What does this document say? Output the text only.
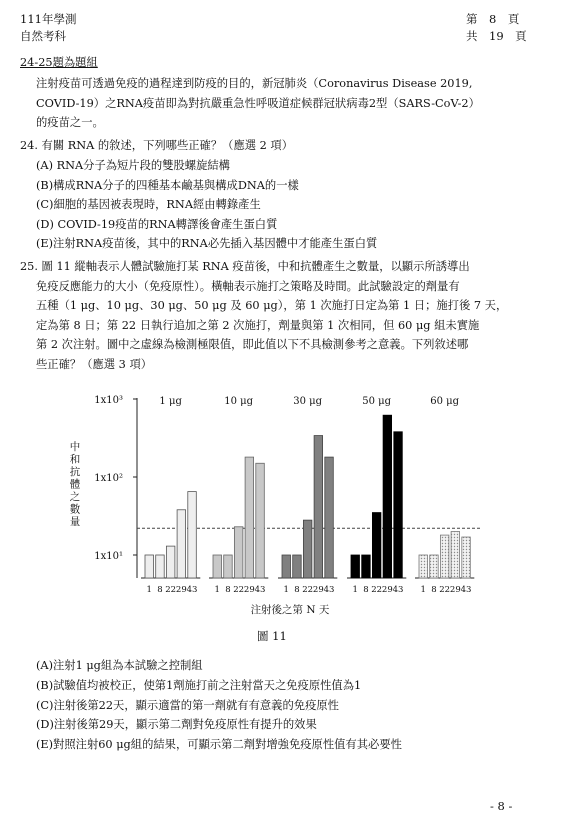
111年學測
自然考科
第　8　頁
共　19　頁
24-25題為題組
注射疫苗可透過免疫的過程達到防疫的目的，新冠肺炎（Coronavirus Disease 2019,
COVID-19）之RNA疫苗即為對抗嚴重急性呼吸道症候群冠狀病毒2型（SARS-CoV-2）
的疫苗之一。
24. 有關 RNA 的敘述，下列哪些正確？（應選 2 項）
(A) RNA分子為短片段的雙股螺旋結構
(B)構成RNA分子的四種基本鹼基與構成DNA的一樣
(C)細胞的基因被表現時，RNA經由轉錄產生
(D) COVID-19疫苗的RNA轉譯後會產生蛋白質
(E)注射RNA疫苗後，其中的RNA必先插入基因體中才能產生蛋白質
25. 圖 11 縱軸表示人體試驗施打某 RNA 疫苗後，中和抗體產生之數量，以顯示所誘導出
免疫反應能力的大小（免疫原性）。橫軸表示施打之策略及時間。此試驗設定的劑量有
五種（1 μg、10 μg、30 μg、50 μg 及 60 μg），第 1 次施打日定為第 1 日；施打後 7 天，
定為第 8 日；第 22 日執行追加之第 2 次施打，劑量與第 1 次相同，但 60 μg 組未實施
第 2 次注射。圖中之虛線為檢測極限值，即此值以下不具檢測參考之意義。下列敘述哪
些正確？（應選 3 項）
1x10¹
1x10²
1x10³
中
和
抗
體
之
數
量
1 μg
1 8 22 29 43
10 μg
1 8 22 29 43
30 μg
1 8 22 29 43
50 μg
1 8 22 29 43
60 μg
1 8 22 29 43
注射後之第 N 天
圖 11
(A)注射1 μg組為本試驗之控制組
(B)試驗值均被校正，使第1劑施打前之注射當天之免疫原性值為1
(C)注射後第22天，顯示適當的第一劑就有有意義的免疫原性
(D)注射後第29天，顯示第二劑對免疫原性有提升的效果
(E)對照注射60 μg組的結果，可顯示第二劑對增強免疫原性值有其必要性
- 8 -
